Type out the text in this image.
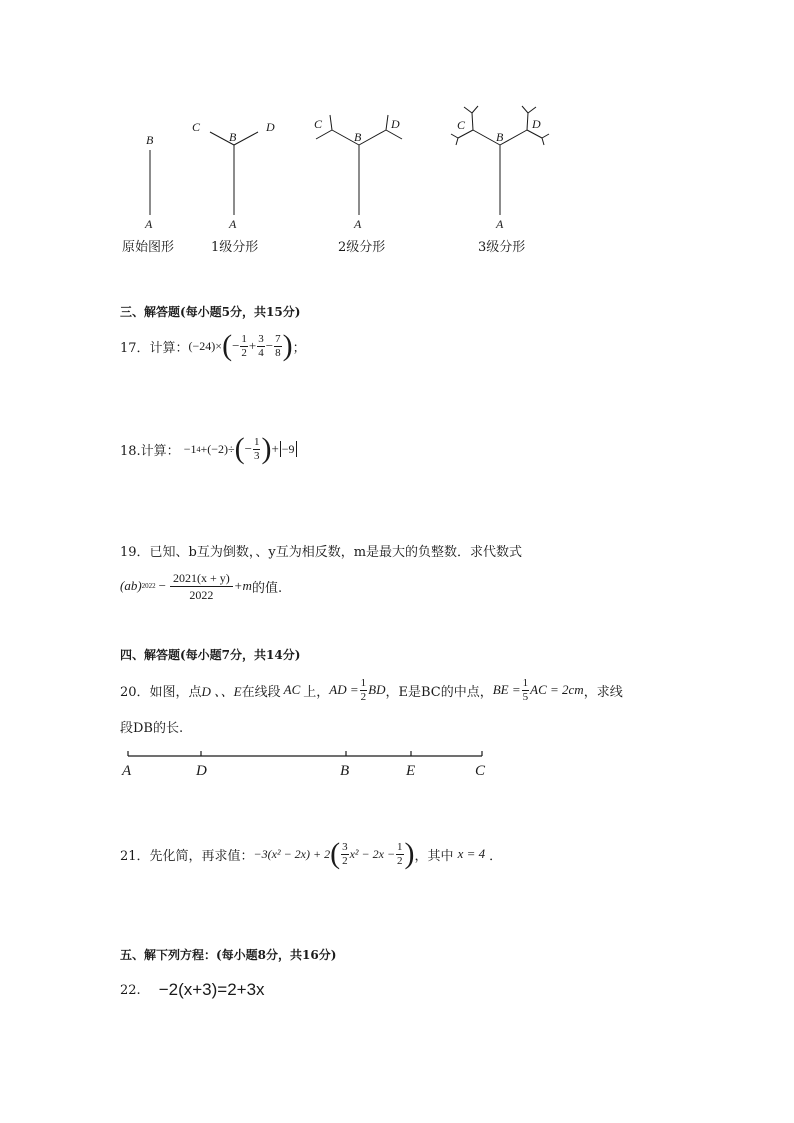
B
A
C
B
D
A
C
B
D
A
C
B
D
A
原始图形	1级分形	2级分形	3级分形
三、解答题(每小题5分，共15分)
17．计算： (−24)× ( − $\frac{1}{2} + \frac{3}{4} - \frac{7}{8}$ ) ；
18.计算： −1 4 +(−2)÷ ( − $\frac{1}{3}$ ) + −9
19．已知、b互为倒数，、y互为相反数，m是最大的负整数．求代数式
(ab) $2022 - \frac{2021(x + y)}{2022} +m$ 的值.
四、解答题(每小题7分，共14分)
20．如图，点 D 、、E 在线段 AC 上， AD = $\frac{1}{2}$ BD ，E是BC的中点， BE = $\frac{1}{5}$ AC = 2cm ，求线
段DB的长.
A	D	B	E	C
21．先化简，再求值： −3(x² − 2x) + 2 ( $\frac{3}{2} x^2 - 2x - \frac{1}{2}$ ) ，其中 x = 4 ．
五、解下列方程：(每小题8分，共16分)
22. −2(x+3)=2+3x
